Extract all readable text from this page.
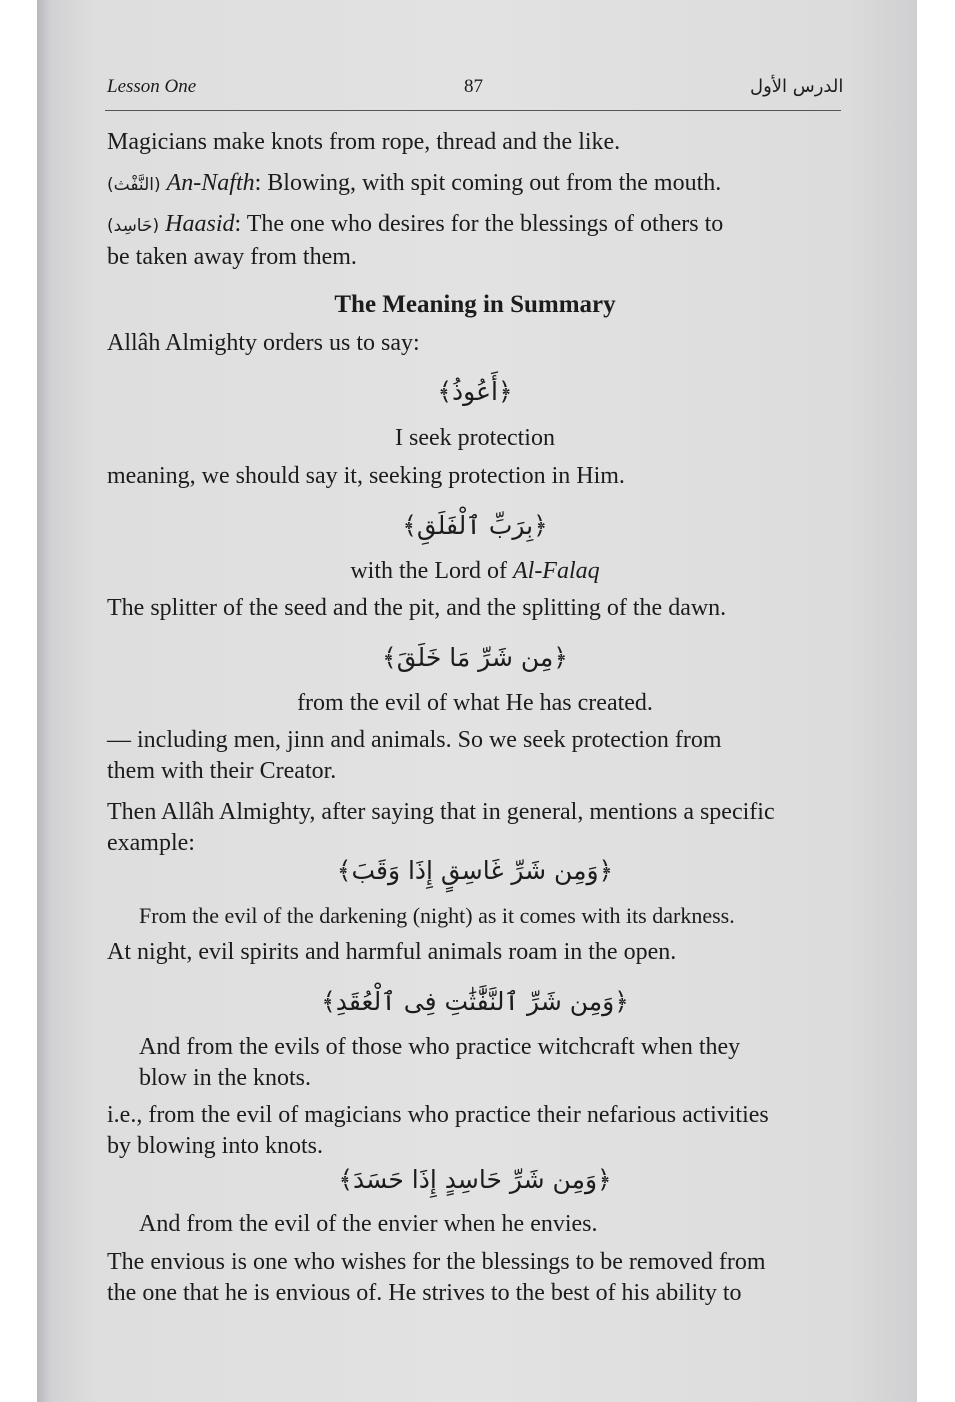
Lesson One	87	الدرس الأول

Magicians make knots from rope, thread and the like.

(النَّفْث) An-Nafth: Blowing, with spit coming out from the mouth.

(حَاسِد) Haasid: The one who desires for the blessings of others to
be taken away from them.

The Meaning in Summary

Allâh Almighty orders us to say:

﴿أَعُوذُ﴾

I seek protection

meaning, we should say it, seeking protection in Him.

﴿بِرَبِّ ٱلْفَلَقِ﴾

with the Lord of Al-Falaq

The splitter of the seed and the pit, and the splitting of the dawn.

﴿مِن شَرِّ مَا خَلَقَ﴾

from the evil of what He has created.

— including men, jinn and animals. So we seek protection from
them with their Creator.

Then Allâh Almighty, after saying that in general, mentions a specific
example:

﴿وَمِن شَرِّ غَاسِقٍ إِذَا وَقَبَ﴾

From the evil of the darkening (night) as it comes with its darkness.

At night, evil spirits and harmful animals roam in the open.

﴿وَمِن شَرِّ ٱلنَّفَّٰثَٰتِ فِى ٱلْعُقَدِ﴾

And from the evils of those who practice witchcraft when they
blow in the knots.

i.e., from the evil of magicians who practice their nefarious activities
by blowing into knots.

﴿وَمِن شَرِّ حَاسِدٍ إِذَا حَسَدَ﴾

And from the evil of the envier when he envies.

The envious is one who wishes for the blessings to be removed from
the one that he is envious of. He strives to the best of his ability to
